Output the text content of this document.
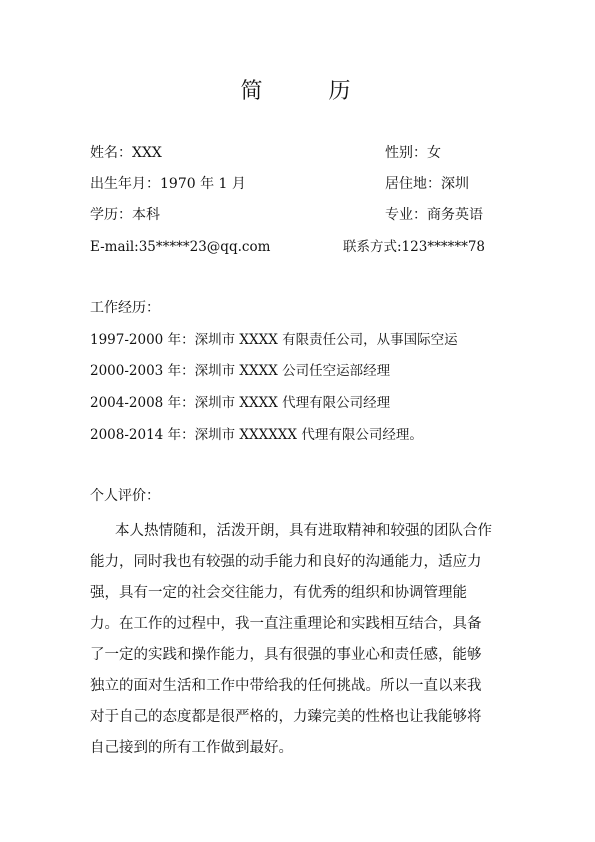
简　历
姓名：XXX	性别：女
出生年月：1970 年 1 月	居住地：深圳
学历：本科	专业：商务英语
E-mail:35*****23@qq.com	联系方式:123******78
工作经历：
1997-2000 年：深圳市 XXXX 有限责任公司，从事国际空运
2000-2003 年：深圳市 XXXX 公司任空运部经理
2004-2008 年：深圳市 XXXX 代理有限公司经理
2008-2014 年：深圳市 XXXXXX 代理有限公司经理。
个人评价：
本人热情随和，活泼开朗，具有进取精神和较强的团队合作
能力，同时我也有较强的动手能力和良好的沟通能力，适应力
强，具有一定的社会交往能力，有优秀的组织和协调管理能
力。在工作的过程中，我一直注重理论和实践相互结合，具备
了一定的实践和操作能力，具有很强的事业心和责任感，能够
独立的面对生活和工作中带给我的任何挑战。所以一直以来我
对于自己的态度都是很严格的，力臻完美的性格也让我能够将
自己接到的所有工作做到最好。
